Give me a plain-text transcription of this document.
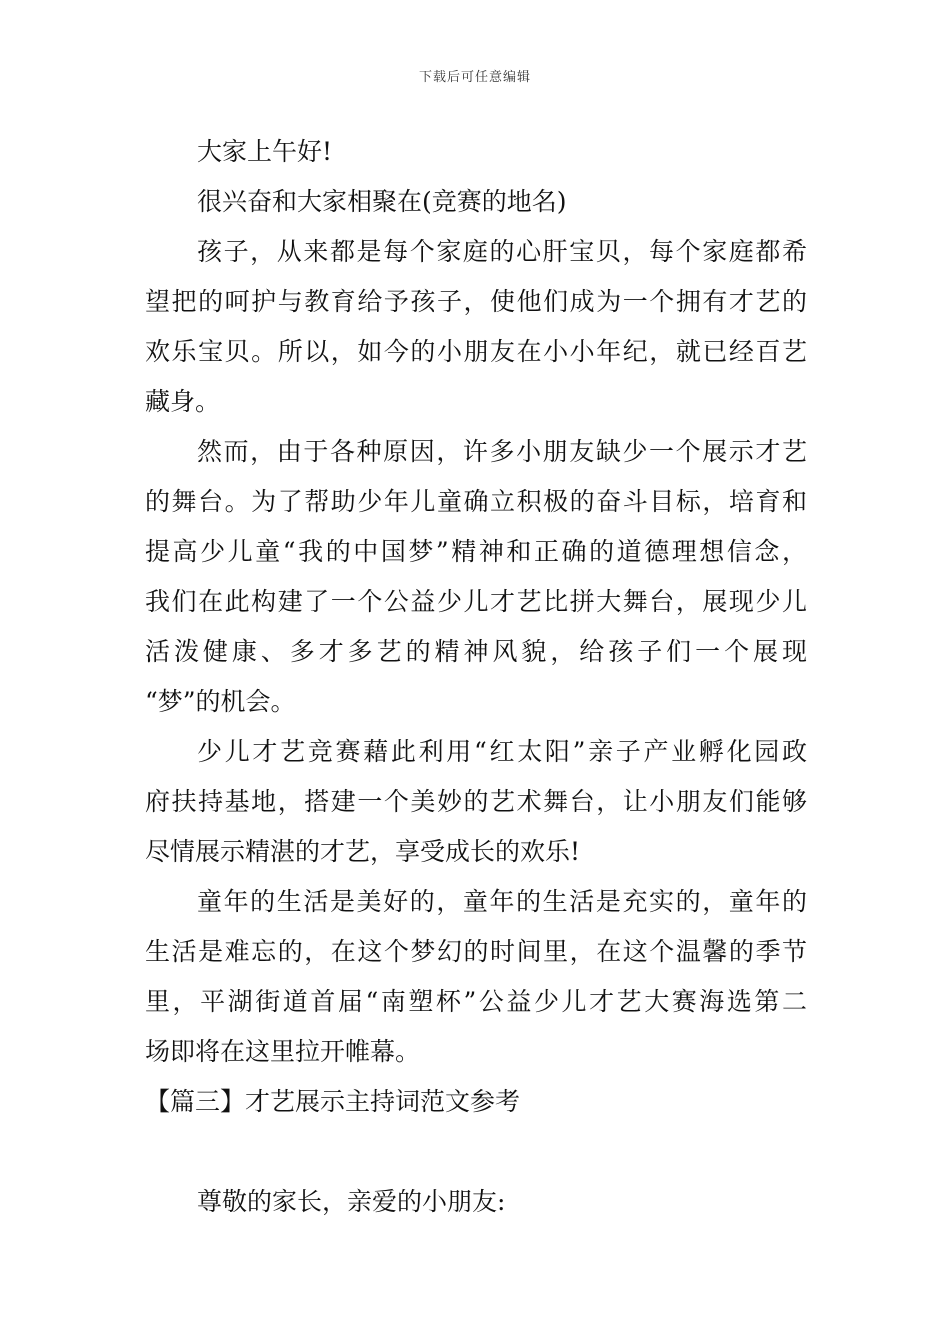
下载后可任意编辑

大家上午好!

很兴奋和大家相聚在(竞赛的地名)

孩子，从来都是每个家庭的心肝宝贝，每个家庭都希

望把的呵护与教育给予孩子，使他们成为一个拥有才艺的

欢乐宝贝。所以，如今的小朋友在小小年纪，就已经百艺

藏身。

然而，由于各种原因，许多小朋友缺少一个展示才艺

的舞台。为了帮助少年儿童确立积极的奋斗目标，培育和

提高少儿童“我的中国梦”精神和正确的道德理想信念，

我们在此构建了一个公益少儿才艺比拼大舞台，展现少儿

活泼健康、多才多艺的精神风貌，给孩子们一个展现

“梦”的机会。

少儿才艺竞赛藉此利用“红太阳”亲子产业孵化园政

府扶持基地，搭建一个美妙的艺术舞台，让小朋友们能够

尽情展示精湛的才艺，享受成长的欢乐!

童年的生活是美好的，童年的生活是充实的，童年的

生活是难忘的，在这个梦幻的时间里，在这个温馨的季节

里，平湖街道首届“南塑杯”公益少儿才艺大赛海选第二

场即将在这里拉开帷幕。

【篇三】才艺展示主持词范文参考

尊敬的家长，亲爱的小朋友:
